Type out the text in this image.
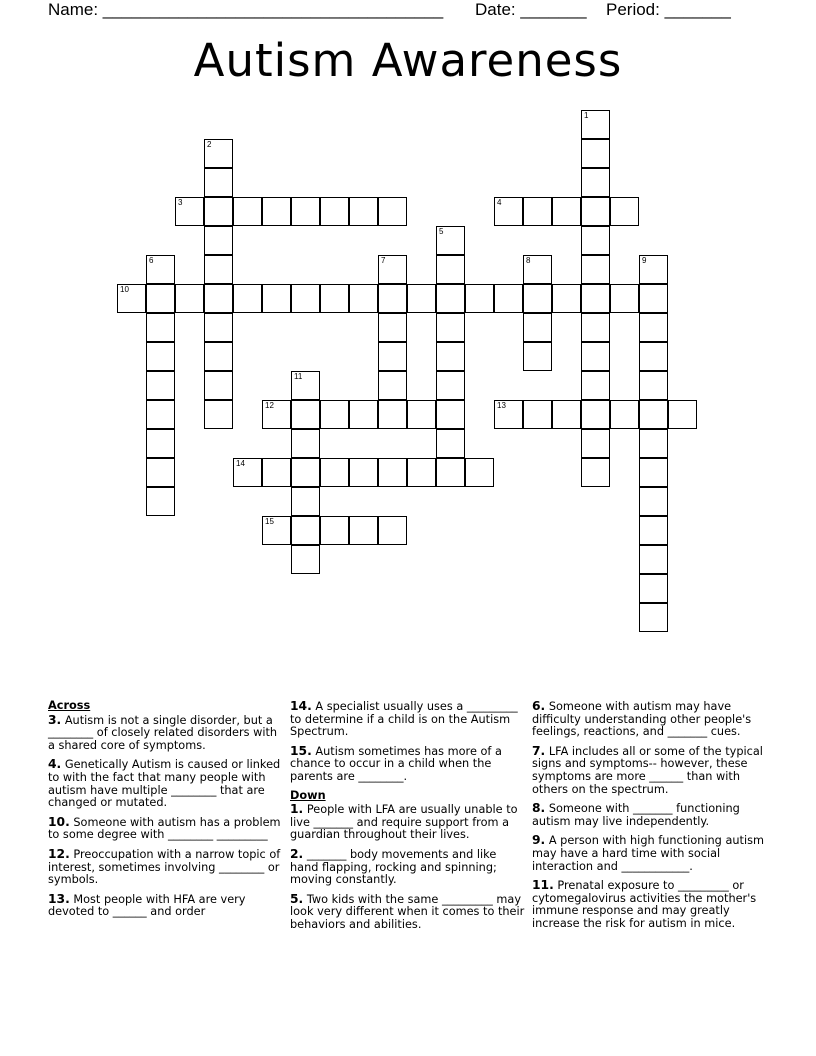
Name: ____________________________________ Date: _______ Period: _______
Autism Awareness
1
2
3	4
5
6	7	8	9
10
11
12	13
14
15
Across
3. Autism is not a single disorder, but a ________ of closely related disorders with a shared core of symptoms.
4. Genetically Autism is caused or linked to with the fact that many people with autism have multiple ________ that are changed or mutated.
10. Someone with autism has a problem to some degree with ________ _________
12. Preoccupation with a narrow topic of interest, sometimes involving ________ or symbols.
13. Most people with HFA are very devoted to ______ and order
14. A specialist usually uses a _________ to determine if a child is on the Autism Spectrum.
15. Autism sometimes has more of a chance to occur in a child when the parents are ________.
Down
1. People with LFA are usually unable to live _______ and require support from a guardian throughout their lives.
2. _______ body movements and like hand flapping, rocking and spinning; moving constantly.
5. Two kids with the same _________ may look very different when it comes to their behaviors and abilities.
6. Someone with autism may have difficulty understanding other people's feelings, reactions, and _______ cues.
7. LFA includes all or some of the typical signs and symptoms-- however, these symptoms are more ______ than with others on the spectrum.
8. Someone with _______ functioning autism may live independently.
9. A person with high functioning autism may have a hard time with social interaction and ____________.
11. Prenatal exposure to _________ or cytomegalovirus activities the mother's immune response and may greatly increase the risk for autism in mice.
